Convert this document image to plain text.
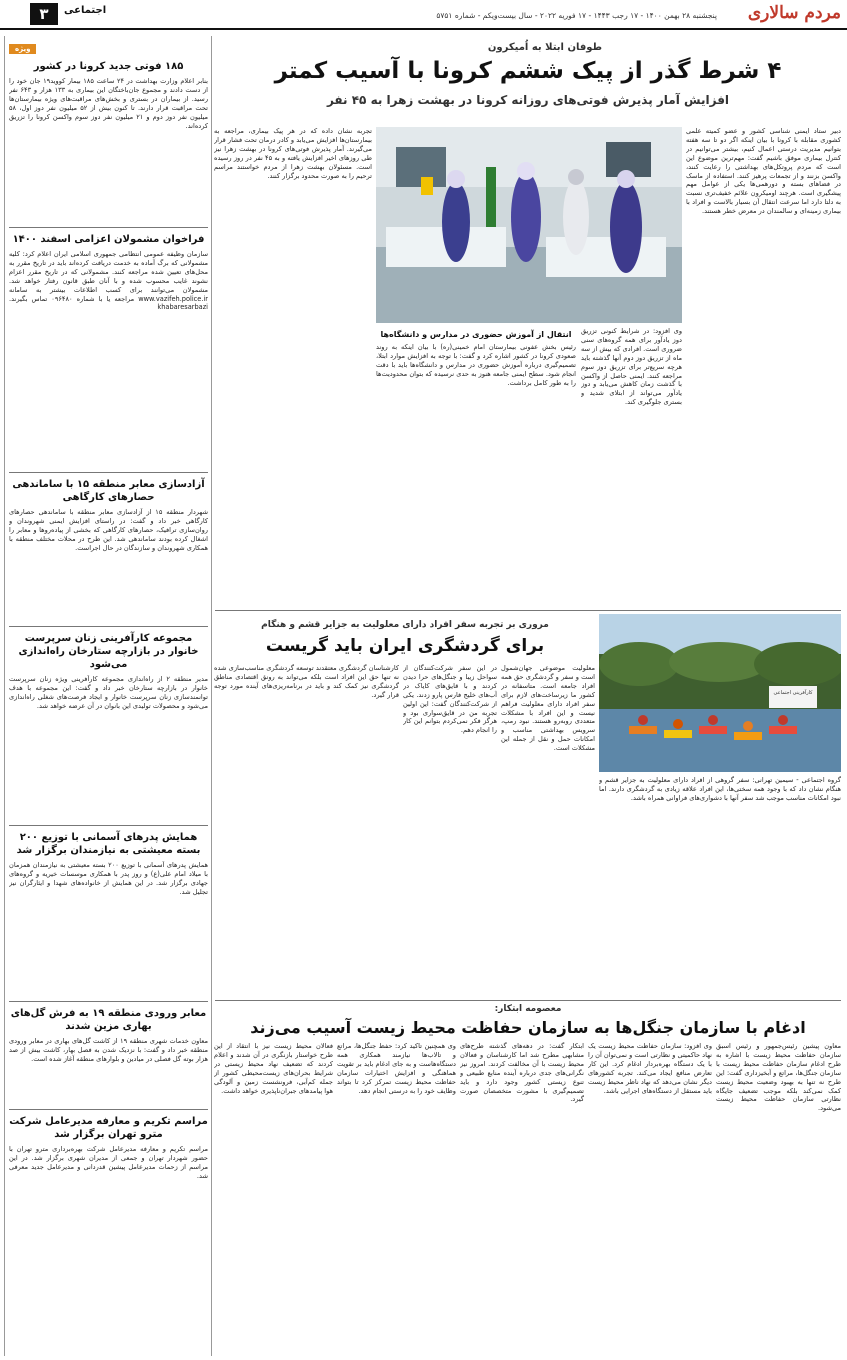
مردم سالاری
پنجشنبه ۲۸ بهمن ۱۴۰۰ - ۱۷ رجب ۱۴۴۳ - ۱۷ فوریه ۲۰۲۲ - سال بیست‌ویکم - شماره ۵۷۵۱
۳	اجتماعی
ویژه
۱۸۵ فوتی جدید کرونا در کشور
بنابر اعلام وزارت بهداشت در ۲۴ ساعت ۱۸۵ بیمار کووید۱۹ جان خود را از دست دادند و مجموع جان‌باختگان این بیماری به ۱۳۳ هزار و ۶۴۳ نفر رسید. از بیماران در بستری و بخش‌های مراقبت‌های ویژه بیمارستان‌ها تحت مراقبت قرار دارند. تا کنون بیش از ۵۲ میلیون نفر دوز اول، ۵۸ میلیون نفر دوز دوم و ۲۱ میلیون نفر دوز سوم واکسن کرونا را تزریق کرده‌اند.
فراخوان مشمولان اعزامی اسفند ۱۴۰۰
سازمان وظیفه عمومی انتظامی جمهوری اسلامی ایران اعلام کرد: کلیه مشمولانی که برگ آماده به خدمت دریافت کرده‌اند باید در تاریخ مقرر به محل‌های تعیین شده مراجعه کنند. مشمولانی که در تاریخ مقرر اعزام نشوند غایب محسوب شده و با آنان طبق قانون رفتار خواهد شد. مشمولان می‌توانند برای کسب اطلاعات بیشتر به سامانه www.vazifeh.police.ir مراجعه یا با شماره ۰۹۶۴۸۰ تماس بگیرند. khabaresarbazi
آزادسازی معابر منطقه ۱۵ با ساماندهی حصارهای کارگاهی
شهردار منطقه ۱۵ از آزادسازی معابر منطقه با ساماندهی حصارهای کارگاهی خبر داد و گفت: در راستای افزایش ایمنی شهروندان و روان‌سازی ترافیک، حصارهای کارگاهی که بخشی از پیاده‌روها و معابر را اشغال کرده بودند ساماندهی شد. این طرح در محلات مختلف منطقه با همکاری شهروندان و سازندگان در حال اجراست.
مجموعه کارآفرینی زنان سرپرست خانوار در بازارچه ستارخان راه‌اندازی می‌شود
مدیر منطقه ۲ از راه‌اندازی مجموعه کارآفرینی ویژه زنان سرپرست خانوار در بازارچه ستارخان خبر داد و گفت: این مجموعه با هدف توانمندسازی زنان سرپرست خانوار و ایجاد فرصت‌های شغلی راه‌اندازی می‌شود و محصولات تولیدی این بانوان در آن عرضه خواهد شد.
همایش پدرهای آسمانی با توزیع ۲۰۰ بسته معیشتی به نیازمندان برگزار شد
همایش پدرهای آسمانی با توزیع ۲۰۰ بسته معیشتی به نیازمندان همزمان با میلاد امام علی(ع) و روز پدر با همکاری موسسات خیریه و گروه‌های جهادی برگزار شد. در این همایش از خانواده‌های شهدا و ایثارگران نیز تجلیل شد.
معابر ورودی منطقه ۱۹ به فرش گل‌های بهاری مزین شدند
معاون خدمات شهری منطقه ۱۹ از کاشت گل‌های بهاری در معابر ورودی منطقه خبر داد و گفت: با نزدیک شدن به فصل بهار، کاشت بیش از صد هزار بوته گل فصلی در میادین و بلوارهای منطقه آغاز شده است.
مراسم تکریم و معارفه مدیرعامل شرکت مترو تهران برگزار شد
مراسم تکریم و معارفه مدیرعامل شرکت بهره‌برداری مترو تهران با حضور شهردار تهران و جمعی از مدیران شهری برگزار شد. در این مراسم از زحمات مدیرعامل پیشین قدردانی و مدیرعامل جدید معرفی شد.
طوفان ابتلا به اُمیکرون
۴ شرط گذر از پیک ششم کرونا با آسیب کمتر
افزایش آمار پذیرش فوتی‌های روزانه کرونا در بهشت زهرا به ۴۵ نفر
دبیر ستاد ایمنی شناسی کشور و عضو کمیته علمی کشوری مقابله با کرونا با بیان اینکه اگر دو تا سه هفته بتوانیم مدیریت درستی اعمال کنیم، بیشتر می‌توانیم در کنترل بیماری موفق باشیم گفت: مهم‌ترین موضوع این است که مردم پروتکل‌های بهداشتی را رعایت کنند، واکسن بزنند و از تجمعات پرهیز کنند. استفاده از ماسک در فضاهای بسته و دورهمی‌ها یکی از عوامل مهم پیشگیری است. هرچند اومیکرون علائم خفیف‌تری نسبت به دلتا دارد اما سرعت انتقال آن بسیار بالاست و افراد با بیماری زمینه‌ای و سالمندان در معرض خطر هستند.
تجربه نشان داده که در هر پیک بیماری، مراجعه به بیمارستان‌ها افزایش می‌یابد و کادر درمان تحت فشار قرار می‌گیرند. آمار پذیرش فوتی‌های کرونا در بهشت زهرا نیز طی روزهای اخیر افزایش یافته و به ۴۵ نفر در روز رسیده است. مسئولان بهشت زهرا از مردم خواستند مراسم ترحیم را به صورت محدود برگزار کنند.
وی افزود: در شرایط کنونی تزریق دوز یادآور برای همه گروه‌های سنی ضروری است. افرادی که بیش از سه ماه از تزریق دوز دوم آنها گذشته باید هرچه سریع‌تر برای تزریق دوز سوم مراجعه کنند. ایمنی حاصل از واکسن با گذشت زمان کاهش می‌یابد و دوز یادآور می‌تواند از ابتلای شدید و بستری جلوگیری کند.
انتقال از آموزش حضوری در مدارس و دانشگاه‌ها
رئیس بخش عفونی بیمارستان امام خمینی(ره) با بیان اینکه به روند صعودی کرونا در کشور اشاره کرد و گفت: با توجه به افزایش موارد ابتلا، تصمیم‌گیری درباره آموزش حضوری در مدارس و دانشگاه‌ها باید با دقت انجام شود. سطح ایمنی جامعه هنوز به حدی نرسیده که بتوان محدودیت‌ها را به طور کامل برداشت.
مروری بر تجربه سفر افراد دارای معلولیت به جزایر قشم و هنگام
برای گردشگری ایران باید گریست
کارآفرینی اجتماعی
گروه اجتماعی - سیمین تهرانی: سفر گروهی از افراد دارای معلولیت به جزایر قشم و هنگام نشان داد که با وجود همه سختی‌ها، این افراد علاقه زیادی به گردشگری دارند. اما نبود امکانات مناسب موجب شد سفر آنها با دشواری‌های فراوانی همراه باشد.
معلولیت موضوعی جهان‌شمول است و سفر و گردشگری حق همه افراد جامعه است. متاسفانه در کشور ما زیرساخت‌های لازم برای سفر افراد دارای معلولیت فراهم نیست و این افراد با مشکلات متعددی روبه‌رو هستند. نبود رمپ، سرویس بهداشتی مناسب و امکانات حمل و نقل از جمله این مشکلات است.
در این سفر شرکت‌کنندگان از سواحل زیبا و جنگل‌های حرا دیدن کردند و با قایق‌های کایاک در آب‌های خلیج فارس پارو زدند. یکی از شرکت‌کنندگان گفت: این اولین تجربه من در قایق‌سواری بود و هرگز فکر نمی‌کردم بتوانم این کار را انجام دهم.
کارشناسان گردشگری معتقدند توسعه گردشگری مناسب‌سازی شده نه تنها حق این افراد است بلکه می‌تواند به رونق اقتصادی مناطق گردشگری نیز کمک کند و باید در برنامه‌ریزی‌های آینده مورد توجه قرار گیرد.
معصومه ابتکار:
ادغام با سازمان جنگل‌ها به سازمان حفاظت محیط زیست آسیب می‌زند
معاون پیشین رئیس‌جمهور و رئیس اسبق سازمان حفاظت محیط زیست با اشاره به طرح ادغام سازمان حفاظت محیط زیست با سازمان جنگل‌ها، مراتع و آبخیزداری گفت: این طرح نه تنها به بهبود وضعیت محیط زیست کمک نمی‌کند بلکه موجب تضعیف جایگاه نظارتی سازمان حفاظت محیط زیست می‌شود.
وی افزود: سازمان حفاظت محیط زیست یک نهاد حاکمیتی و نظارتی است و نمی‌توان آن را با یک دستگاه بهره‌بردار ادغام کرد. این کار تعارض منافع ایجاد می‌کند. تجربه کشورهای دیگر نشان می‌دهد که نهاد ناظر محیط زیست باید مستقل از دستگاه‌های اجرایی باشد.
ابتکار گفت: در دهه‌های گذشته طرح‌های مشابهی مطرح شد اما کارشناسان و فعالان محیط زیست با آن مخالفت کردند. امروز نیز نگرانی‌های جدی درباره آینده منابع طبیعی و تنوع زیستی کشور وجود دارد و باید تصمیم‌گیری با مشورت متخصصان صورت گیرد.
وی همچنین تاکید کرد: حفظ جنگل‌ها، مراتع و تالاب‌ها نیازمند همکاری همه دستگاه‌هاست و به جای ادغام باید بر تقویت هماهنگی و افزایش اختیارات سازمان حفاظت محیط زیست تمرکز کرد تا بتواند وظایف خود را به درستی انجام دهد.
فعالان محیط زیست نیز با انتقاد از این طرح خواستار بازنگری در آن شدند و اعلام کردند که تضعیف نهاد محیط زیستی در شرایط بحران‌های زیست‌محیطی کشور از جمله کم‌آبی، فرونشست زمین و آلودگی هوا پیامدهای جبران‌ناپذیری خواهد داشت.
